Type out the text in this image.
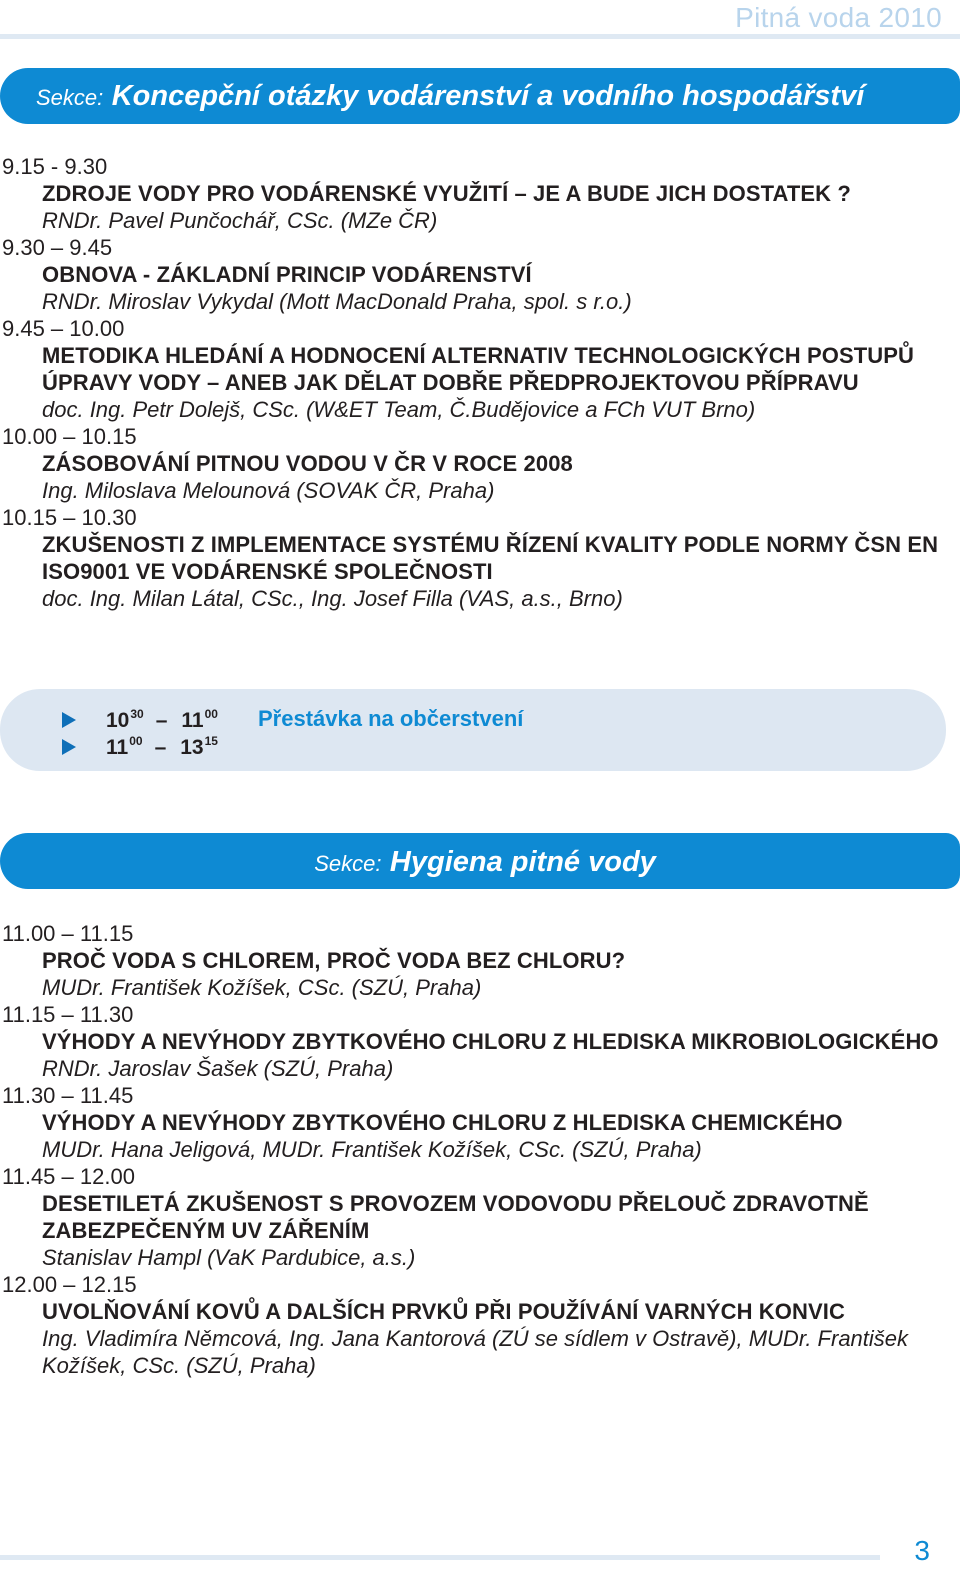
Pitná voda 2010
Sekce: Koncepční otázky vodárenství a vodního hospodářství
9.15 - 9.30
ZDROJE VODY PRO VODÁRENSKÉ VYUŽITÍ – JE A BUDE JICH DOSTATEK ?
RNDr. Pavel Punčochář, CSc. (MZe ČR)
9.30 – 9.45
OBNOVA - ZÁKLADNÍ PRINCIP VODÁRENSTVÍ
RNDr. Miroslav Vykydal (Mott MacDonald Praha, spol. s r.o.)
9.45 – 10.00
METODIKA HLEDÁNÍ A HODNOCENÍ ALTERNATIV TECHNOLOGICKÝCH POSTUPŮ ÚPRAVY VODY – ANEB JAK DĚLAT DOBŘE PŘEDPROJEKTOVOU PŘÍPRAVU
doc. Ing. Petr Dolejš, CSc. (W&ET Team, Č.Budějovice a FCh VUT Brno)
10.00 – 10.15
ZÁSOBOVÁNÍ PITNOU VODOU V ČR V ROCE 2008
Ing. Miloslava Melounová (SOVAK ČR, Praha)
10.15 – 10.30
ZKUŠENOSTI Z IMPLEMENTACE SYSTÉMU ŘÍZENÍ KVALITY PODLE NORMY ČSN EN ISO9001 VE VODÁRENSKÉ SPOLEČNOSTI
doc. Ing. Milan Látal, CSc., Ing. Josef Filla (VAS, a.s., Brno)
$10^{30} - 11^{00}$
$11^{00} - 13^{15}$
Přestávka na občerstvení
Sekce: Hygiena pitné vody
11.00 – 11.15
PROČ VODA S CHLOREM, PROČ VODA BEZ CHLORU?
MUDr. František Kožíšek, CSc. (SZÚ, Praha)
11.15 – 11.30
VÝHODY A NEVÝHODY ZBYTKOVÉHO CHLORU Z HLEDISKA MIKROBIOLOGICKÉHO
RNDr. Jaroslav Šašek (SZÚ, Praha)
11.30 – 11.45
VÝHODY A NEVÝHODY ZBYTKOVÉHO CHLORU Z HLEDISKA CHEMICKÉHO
MUDr. Hana Jeligová, MUDr. František Kožíšek, CSc. (SZÚ, Praha)
11.45 – 12.00
DESETILETÁ ZKUŠENOST S PROVOZEM VODOVODU PŘELOUČ ZDRAVOTNĚ ZABEZPEČENÝM UV ZÁŘENÍM
Stanislav Hampl (VaK Pardubice, a.s.)
12.00 – 12.15
UVOLŇOVÁNÍ KOVŮ A DALŠÍCH PRVKŮ PŘI POUŽÍVÁNÍ VARNÝCH KONVIC
Ing. Vladimíra Němcová, Ing. Jana Kantorová (ZÚ se sídlem v Ostravě), MUDr. František Kožíšek, CSc. (SZÚ, Praha)
3
